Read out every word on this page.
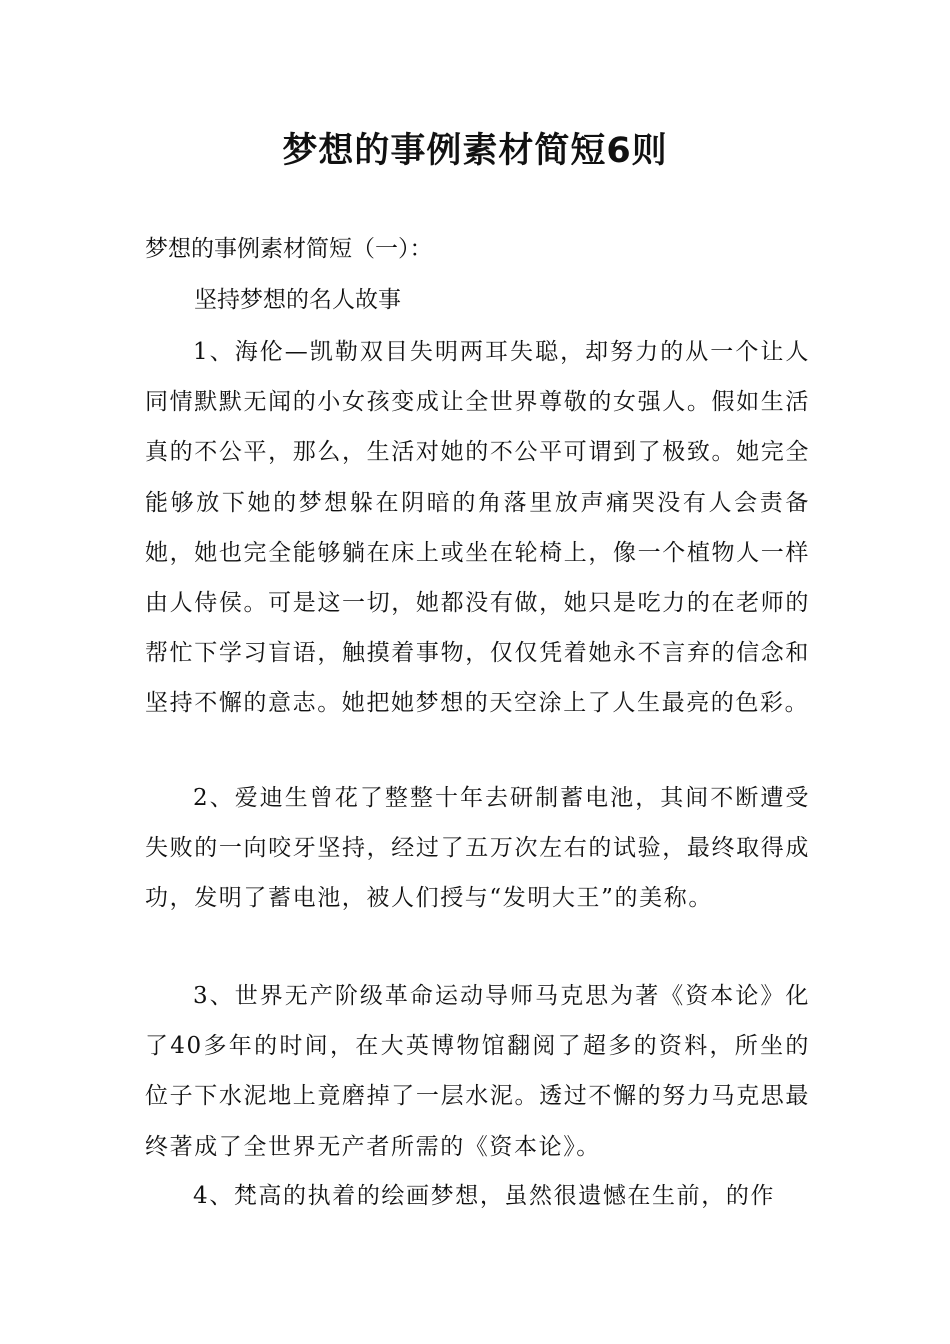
梦想的事例素材简短6则
梦想的事例素材简短（一）：
坚持梦想的名人故事

1、海伦—凯勒双目失明两耳失聪，却努力的从一个让人同情默默无闻的小女孩变成让全世界尊敬的女强人。假如生活真的不公平，那么，生活对她的不公平可谓到了极致。她完全能够放下她的梦想躲在阴暗的角落里放声痛哭没有人会责备她，她也完全能够躺在床上或坐在轮椅上，像一个植物人一样由人侍侯。可是这一切，她都没有做，她只是吃力的在老师的帮忙下学习盲语，触摸着事物，仅仅凭着她永不言弃的信念和坚持不懈的意志。她把她梦想的天空涂上了人生最亮的色彩。

2、爱迪生曾花了整整十年去研制蓄电池，其间不断遭受失败的一向咬牙坚持，经过了五万次左右的试验，最终取得成功，发明了蓄电池，被人们授与“发明大王”的美称。

3、世界无产阶级革命运动导师马克思为著《资本论》化了40多年的时间，在大英博物馆翻阅了超多的资料，所坐的位子下水泥地上竟磨掉了一层水泥。透过不懈的努力马克思最终著成了全世界无产者所需的《资本论》。

4、梵高的执着的绘画梦想，虽然很遗憾在生前，的作
